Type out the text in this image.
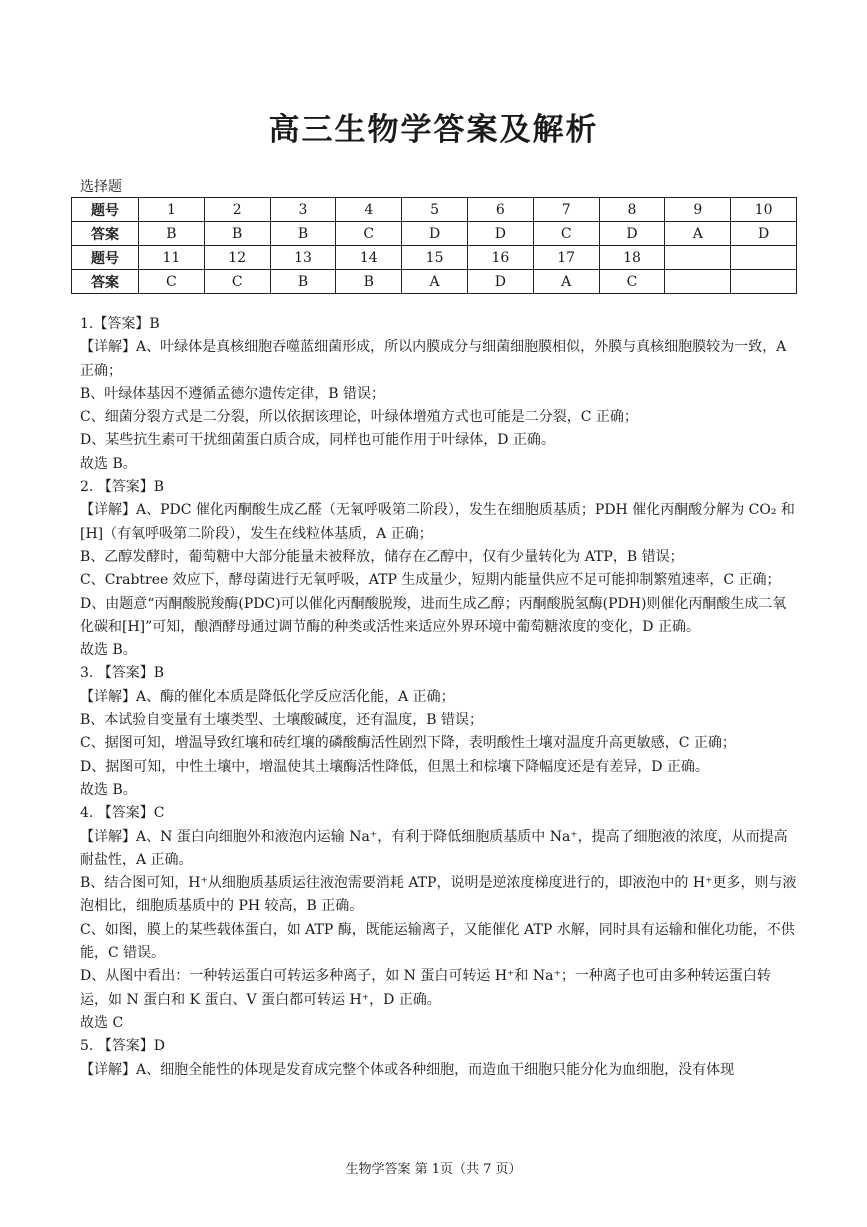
高三生物学答案及解析
选择题
题号	1	2	3	4	5	6	7	8	9	10
答案	B	B	B	C	D	D	C	D	A	D
题号	11	12	13	14	15	16	17	18		
答案	C	C	B	B	A	D	A	C		

1.【答案】B

【详解】A、叶绿体是真核细胞吞噬蓝细菌形成，所以内膜成分与细菌细胞膜相似，外膜与真核细胞膜较为一致，A 正确；

B、叶绿体基因不遵循孟德尔遗传定律，B 错误；

C、细菌分裂方式是二分裂，所以依据该理论，叶绿体增殖方式也可能是二分裂，C 正确；

D、某些抗生素可干扰细菌蛋白质合成，同样也可能作用于叶绿体，D 正确。

故选 B。

2. 【答案】B

【详解】A、PDC 催化丙酮酸生成乙醛（无氧呼吸第二阶段），发生在细胞质基质；PDH 催化丙酮酸分解为 CO₂ 和[H]（有氧呼吸第二阶段），发生在线粒体基质，A 正确；

B、乙醇发酵时，葡萄糖中大部分能量未被释放，储存在乙醇中，仅有少量转化为 ATP，B 错误；

C、Crabtree 效应下，酵母菌进行无氧呼吸，ATP 生成量少，短期内能量供应不足可能抑制繁殖速率，C 正确；

D、由题意“丙酮酸脱羧酶(PDC)可以催化丙酮酸脱羧，进而生成乙醇；丙酮酸脱氢酶(PDH)则催化丙酮酸生成二氧化碳和[H]”可知，酿酒酵母通过调节酶的种类或活性来适应外界环境中葡萄糖浓度的变化，D 正确。

故选 B。

3. 【答案】B

【详解】A、酶的催化本质是降低化学反应活化能，A 正确；

B、本试验自变量有土壤类型、土壤酸碱度，还有温度，B 错误；

C、据图可知，增温导致红壤和砖红壤的磷酸酶活性剧烈下降，表明酸性土壤对温度升高更敏感，C 正确；

D、据图可知，中性土壤中，增温使其土壤酶活性降低，但黑土和棕壤下降幅度还是有差异，D 正确。

故选 B。

4. 【答案】C

【详解】A、N 蛋白向细胞外和液泡内运输 Na⁺，有利于降低细胞质基质中 Na⁺，提高了细胞液的浓度，从而提高耐盐性，A 正确。

B、结合图可知，H⁺从细胞质基质运往液泡需要消耗 ATP，说明是逆浓度梯度进行的，即液泡中的 H⁺更多，则与液泡相比，细胞质基质中的 PH 较高，B 正确。

C、如图，膜上的某些载体蛋白，如 ATP 酶，既能运输离子，又能催化 ATP 水解，同时具有运输和催化功能，不供能，C 错误。

D、从图中看出：一种转运蛋白可转运多种离子，如 N 蛋白可转运 H⁺和 Na⁺；一种离子也可由多种转运蛋白转运，如 N 蛋白和 K 蛋白、V 蛋白都可转运 H⁺，D 正确。

故选 C

5. 【答案】D

【详解】A、细胞全能性的体现是发育成完整个体或各种细胞，而造血干细胞只能分化为血细胞，没有体现

生物学答案 第 1页（共 7 页）
